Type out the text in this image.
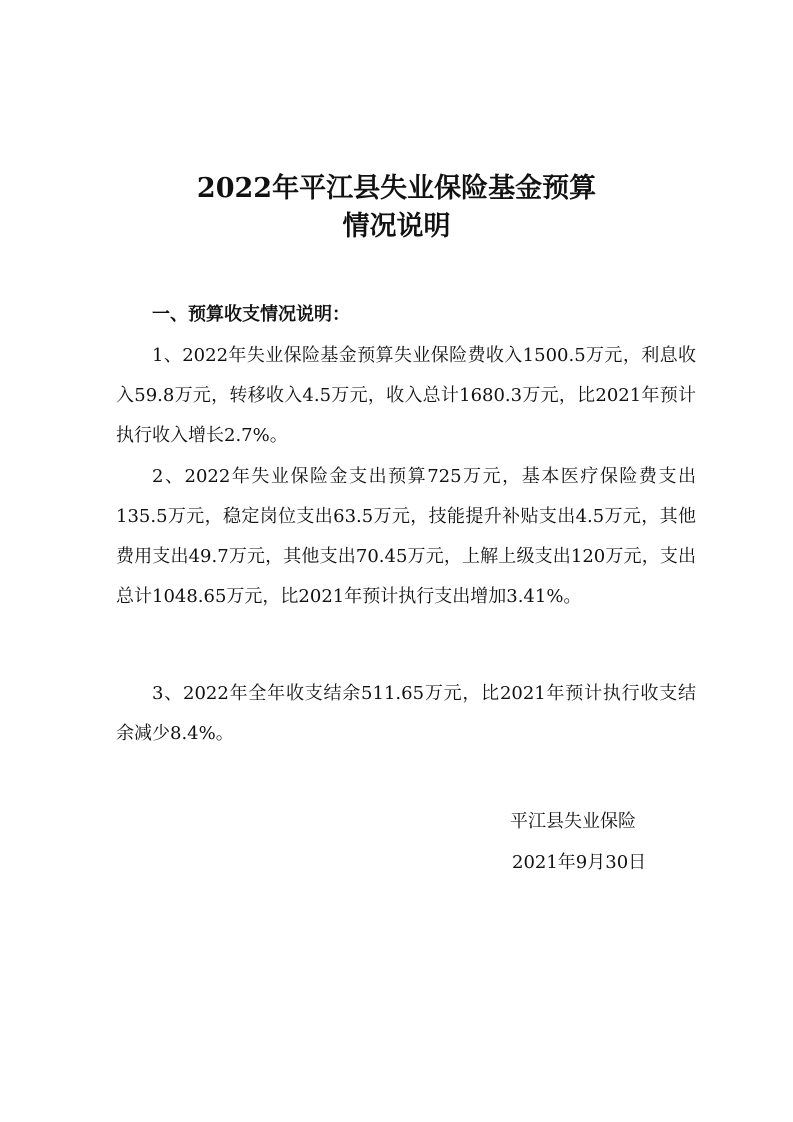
2022年平江县失业保险基金预算
情况说明
一、预算收支情况说明：

1、2022年失业保险基金预算失业保险费收入1500.5万元，利息收入59.8万元，转移收入4.5万元，收入总计1680.3万元，比2021年预计执行收入增长2.7%。

2、2022年失业保险金支出预算725万元，基本医疗保险费支出135.5万元，稳定岗位支出63.5万元，技能提升补贴支出4.5万元，其他费用支出49.7万元，其他支出70.45万元，上解上级支出120万元，支出总计1048.65万元，比2021年预计执行支出增加3.41%。

3、2022年全年收支结余511.65万元，比2021年预计执行收支结余减少8.4%。

平江县失业保险
2021年9月30日
